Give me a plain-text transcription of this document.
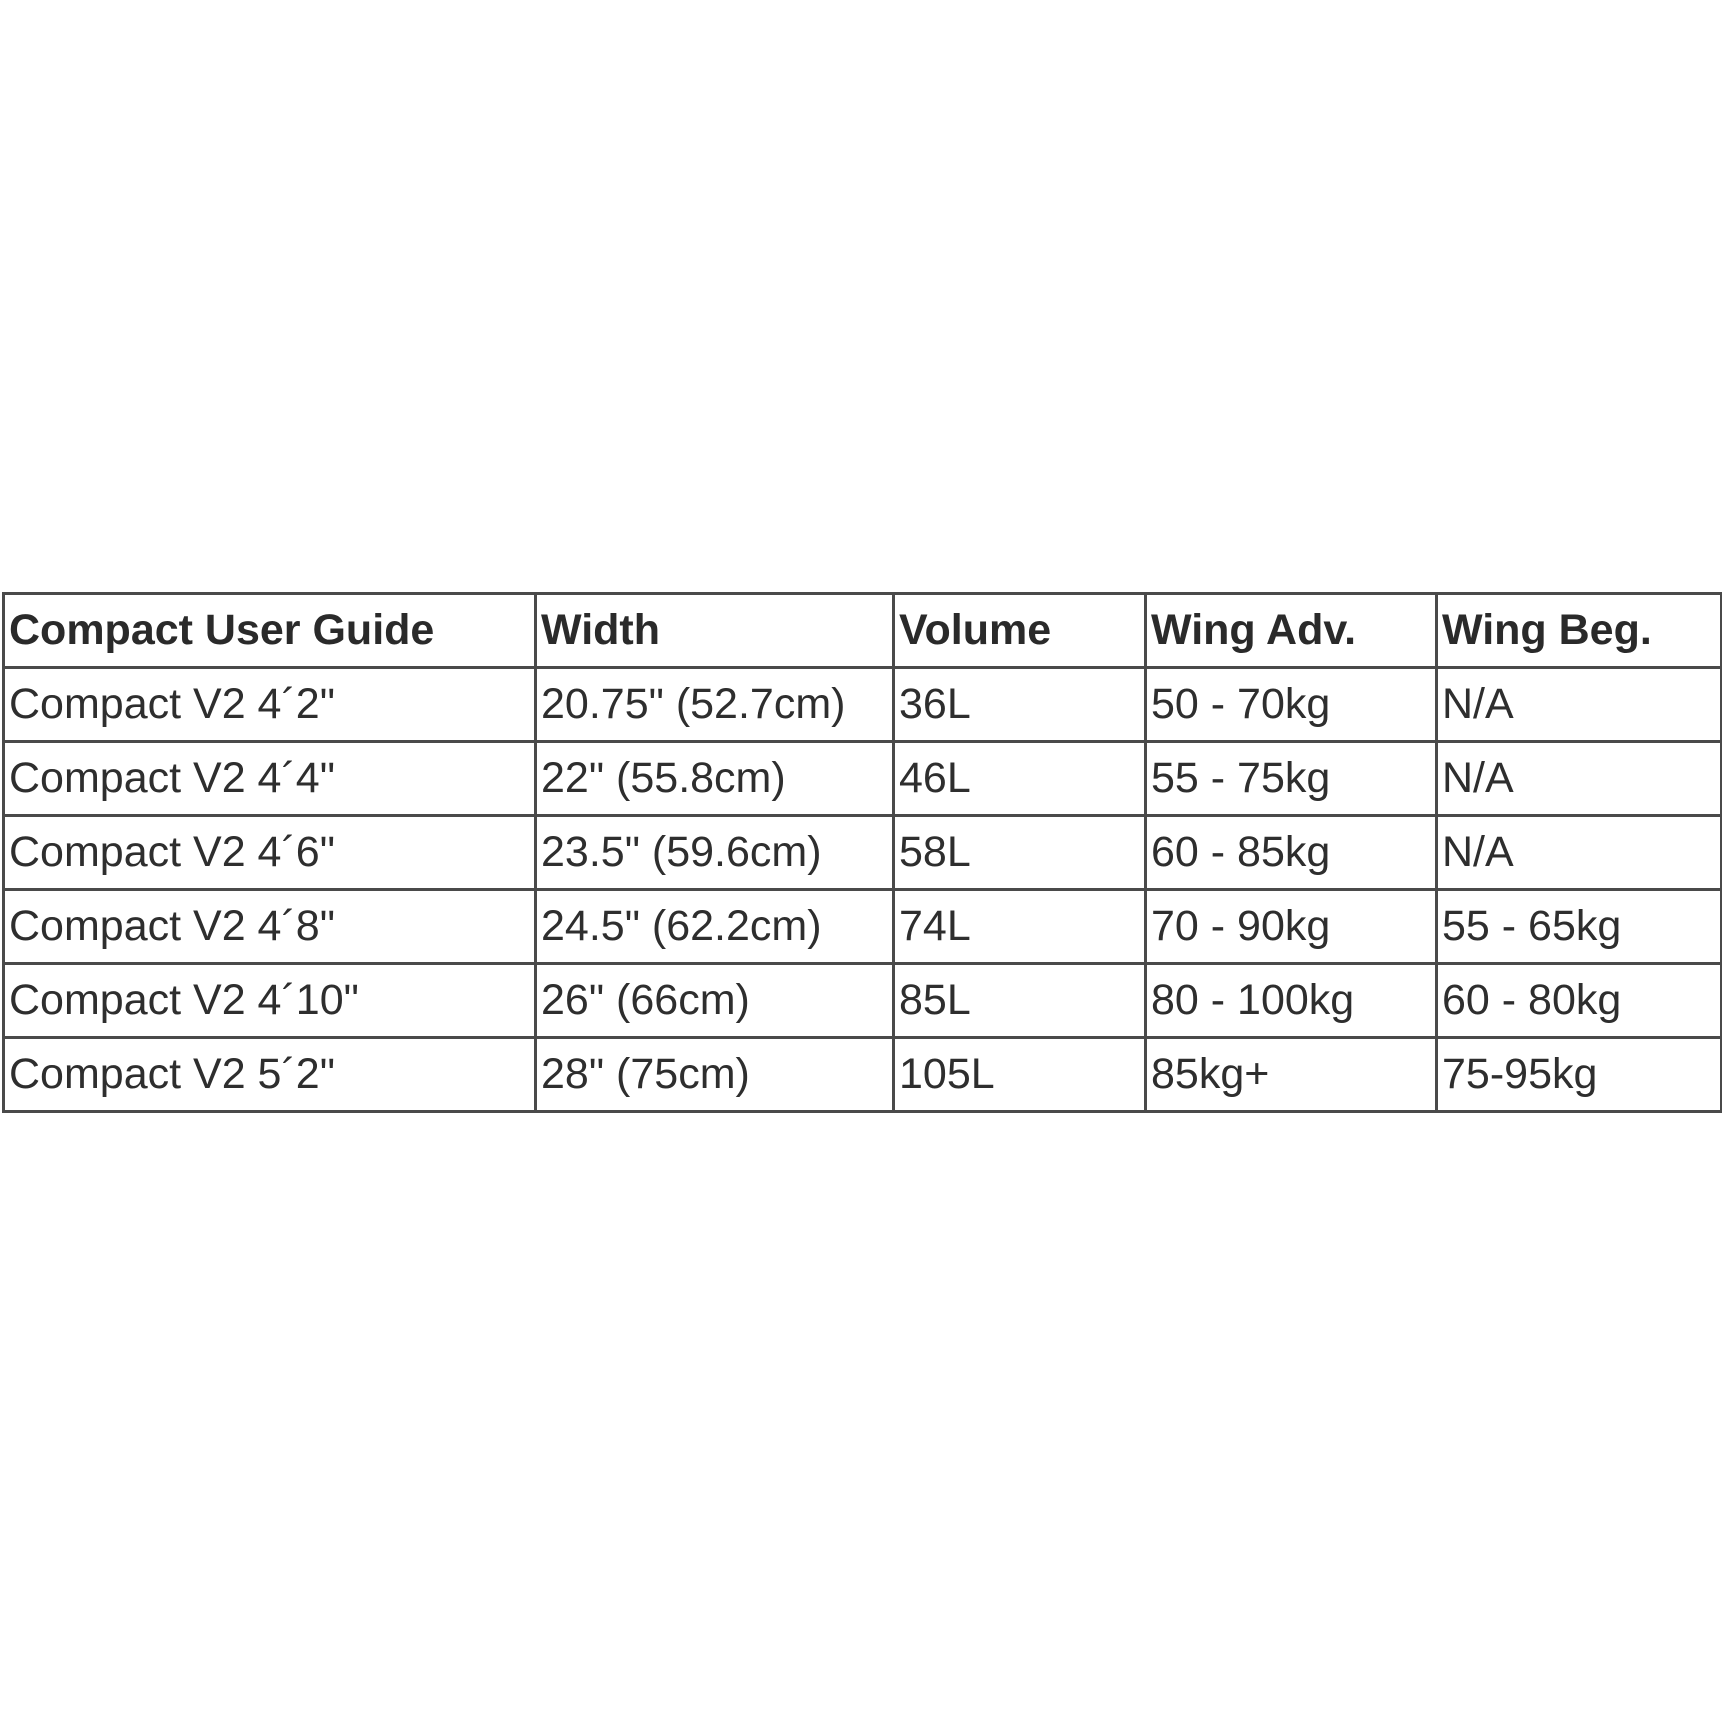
Compact User Guide	Width	Volume	Wing Adv.	Wing Beg.
Compact V2 4´2"	20.75" (52.7cm)	36L	50 - 70kg	N/A
Compact V2 4´4"	22" (55.8cm)	46L	55 - 75kg	N/A
Compact V2 4´6"	23.5" (59.6cm)	58L	60 - 85kg	N/A
Compact V2 4´8"	24.5" (62.2cm)	74L	70 - 90kg	55 - 65kg
Compact V2 4´10"	26" (66cm)	85L	80 - 100kg	60 - 80kg
Compact V2 5´2"	28" (75cm)	105L	85kg+	75-95kg
